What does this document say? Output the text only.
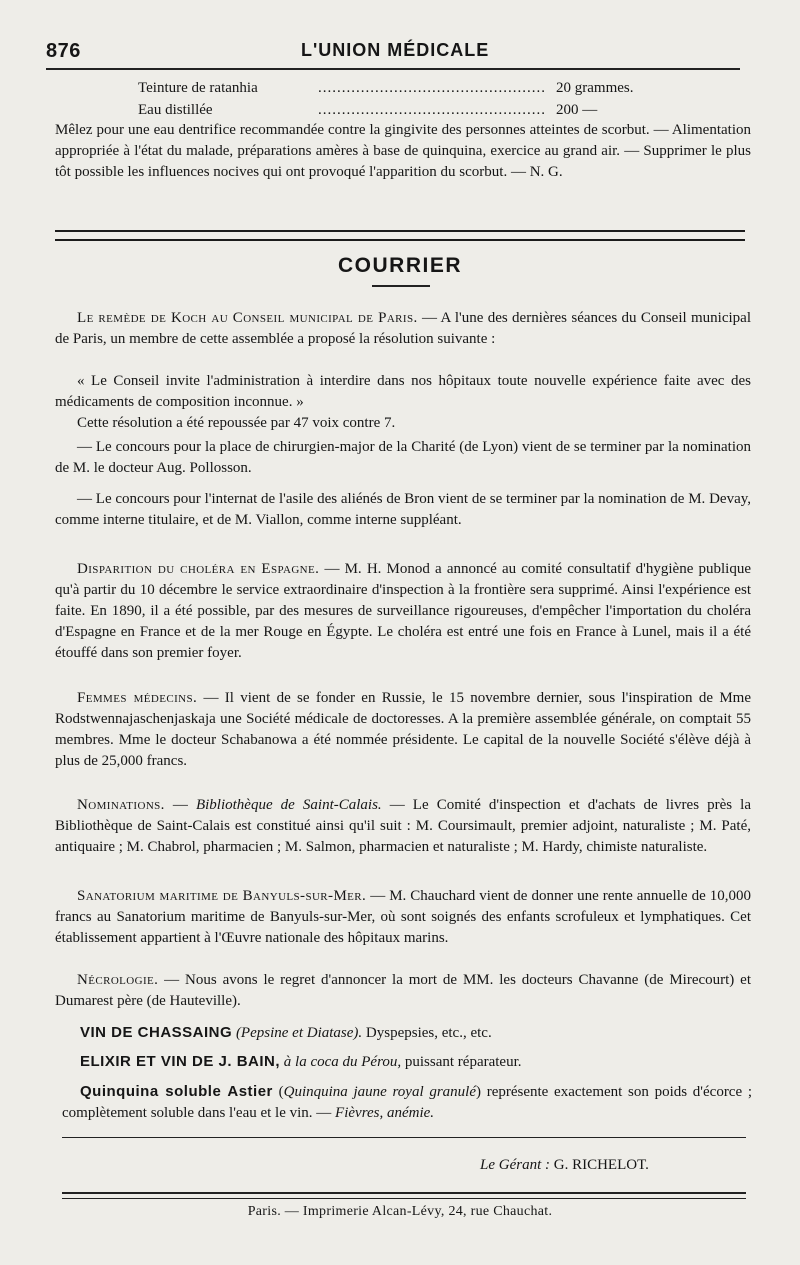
876	L'UNION MÉDICALE
Teinture de ratanhia	................................................ 20 grammes.
Eau distillée	................................................ 200 —

Mêlez pour une eau dentrifice recommandée contre la gingivite des personnes atteintes de scorbut. — Alimentation appropriée à l'état du malade, préparations amères à base de quinquina, exercice au grand air. — Supprimer le plus tôt possible les influences nocives qui ont provoqué l'apparition du scorbut. — N. G.

COURRIER

Le remède de Koch au Conseil municipal de Paris. — A l'une des dernières séances du Conseil municipal de Paris, un membre de cette assemblée a proposé la résolution suivante :

« Le Conseil invite l'administration à interdire dans nos hôpitaux toute nouvelle expérience faite avec des médicaments de composition inconnue. »

Cette résolution a été repoussée par 47 voix contre 7.

— Le concours pour la place de chirurgien-major de la Charité (de Lyon) vient de se terminer par la nomination de M. le docteur Aug. Pollosson.

— Le concours pour l'internat de l'asile des aliénés de Bron vient de se terminer par la nomination de M. Devay, comme interne titulaire, et de M. Viallon, comme interne suppléant.

Disparition du choléra en Espagne. — M. H. Monod a annoncé au comité consultatif d'hygiène publique qu'à partir du 10 décembre le service extraordinaire d'inspection à la frontière sera supprimé. Ainsi l'expérience est faite. En 1890, il a été possible, par des mesures de surveillance rigoureuses, d'empêcher l'importation du choléra d'Espagne en France et de la mer Rouge en Égypte. Le choléra est entré une fois en France à Lunel, mais il a été étouffé dans son premier foyer.

Femmes médecins. — Il vient de se fonder en Russie, le 15 novembre dernier, sous l'inspiration de Mme Rodstwennajaschenjaskaja une Société médicale de doctoresses. A la première assemblée générale, on comptait 55 membres. Mme le docteur Schabanowa a été nommée présidente. Le capital de la nouvelle Société s'élève déjà à plus de 25,000 francs.

Nominations. — Bibliothèque de Saint-Calais. — Le Comité d'inspection et d'achats de livres près la Bibliothèque de Saint-Calais est constitué ainsi qu'il suit : M. Coursimault, premier adjoint, naturaliste ; M. Paté, antiquaire ; M. Chabrol, pharmacien ; M. Salmon, pharmacien et naturaliste ; M. Hardy, chimiste naturaliste.

Sanatorium maritime de Banyuls-sur-Mer. — M. Chauchard vient de donner une rente annuelle de 10,000 francs au Sanatorium maritime de Banyuls-sur-Mer, où sont soignés des enfants scrofuleux et lymphatiques. Cet établissement appartient à l'Œuvre nationale des hôpitaux marins.

Nécrologie. — Nous avons le regret d'annoncer la mort de MM. les docteurs Chavanne (de Mirecourt) et Dumarest père (de Hauteville).

VIN DE CHASSAING (Pepsine et Diatase). Dyspepsies, etc., etc.
ELIXIR ET VIN DE J. BAIN, à la coca du Pérou, puissant réparateur.

Quinquina soluble Astier (Quinquina jaune royal granulé) représente exactement son poids d'écorce ; complètement soluble dans l'eau et le vin. — Fièvres, anémie.

Le Gérant : G. RICHELOT.
Paris. — Imprimerie Alcan-Lévy, 24, rue Chauchat.
